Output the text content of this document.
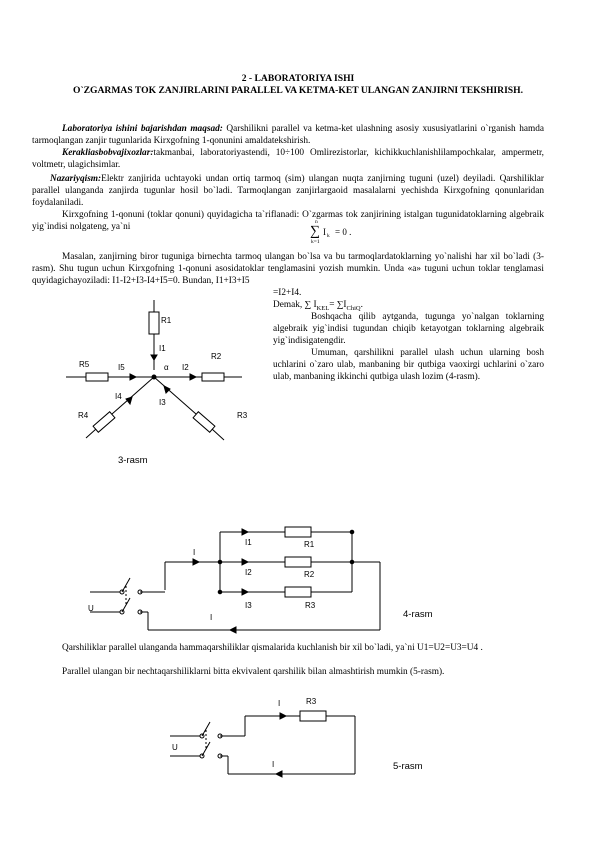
2 - LABORATORIYA ISHI
O`ZGARMAS TOK ZANJIRLARINI PARALLEL VA KETMA-KET ULANGAN ZANJIRNI TEKSHIRISH.
Laboratoriya ishini bajarishdan maqsad: Qarshilikni parallel va ketma-ket ulashning asosiy xususiyatlarini o`rganish hamda tarmoqlangan zanjir tugunlarida Kirxgofning 1-qonunini amaldatekshirish.
Kerakliasbobvajixozlar:takmanbai, laboratoriyastendi, 10÷100 Omlirezistorlar, kichikkuchlanishlilampochkalar, ampermetr, voltmetr, ulagichsimlar.
Nazariyqism:Elektr zanjirida uchtayoki undan ortiq tarmoq (sim) ulangan nuqta zanjirning tuguni (uzel) deyiladi. Qarshiliklar parallel ulanganda zanjirda tugunlar hosil bo`ladi. Tarmoqlangan zanjirlargaoid masalalarni yechishda Kirxgofning qonunlaridan foydalaniladi.
Kirxgofning 1-qonuni (toklar qonuni) quyidagicha ta`riflanadi: O`zgarmas tok zanjirining istalgan tugunidatoklarning algebraik yig`indisi nolgateng, ya`ni	n
∑
k=1
I k = 0 .
Masalan, zanjirning biror tuguniga birnechta tarmoq ulangan bo`lsa va bu tarmoqlardatoklarning yo`nalishi har xil bo`ladi (3-rasm). Shu tugun uchun Kirxgofning 1-qonuni asosidatoklar tenglamasini yozish mumkin. Unda «a» tuguni uchun toklar tenglamasi quyidagichayoziladi: I1-I2+I3-I4+I5=0. Bundan, I1+I3+I5
=I2+I4.
Demak, ∑ $I_{KEL}= \sum I_{ChiQ}$.
Boshqacha qilib aytganda, tugunga yo`nalgan toklarning algebraik yig`indisi tugundan chiqib ketayotgan toklarning algebraik yig`indisigatengdir.
Umuman, qarshilikni parallel ulash uchun ularning bosh uchlarini o`zaro ulab, manbaning bir qutbiga vaoxirgi uchlarini o`zaro ulab, manbaning ikkinchi qutbiga ulash lozim (4-rasm).
R1
I1
R2
I2
R5	I5	α
I4
I3
R4	R3
3-rasm
I
I1	R1
I2	R2
I3	R3
U
I	4-rasm
Qarshiliklar parallel ulanganda hammaqarshiliklar qismalarida kuchlanish bir xil bo`ladi, ya`ni U1=U2=U3=U4 .
Parallel ulangan bir nechtaqarshiliklarni bitta ekvivalent qarshilik bilan almashtirish mumkin (5-rasm).
I	R3
U
I	5-rasm
